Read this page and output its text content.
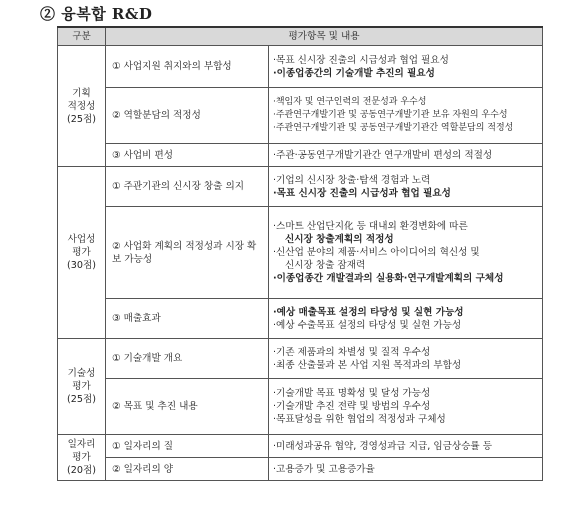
② 융복합 R&D
구분	평가항목 및 내용	

기획
적정성
(25점)	① 사업지원 취지와의 부합성	·목표 신시장 진출의 시급성과 협업 필요성
·이종업종간의 기술개발 추진의 필요성

	② 역할분담의 적정성	·책임자 및 연구인력의 전문성과 우수성
·주관연구개발기관 및 공동연구개발기관 보유 자원의 우수성
·주관연구개발기관 및 공동연구개발기관간 역할분담의 적정성

	③ 사업비 편성	·주관·공동연구개발기관간 연구개발비 편성의 적절성

사업성
평가
(30점)	① 주관기관의 신시장 창출 의지	·기업의 신시장 창출·탐색 경험과 노력
·목표 신시장 진출의 시급성과 협업 필요성

	② 사업화 계획의 적정성과 시장 확보 가능성	·스마트 산업단지化 등 대내외 환경변화에 따른
신시장 창출계획의 적정성
·신산업 분야의 제품·서비스 아이디어의 혁신성 및
신시장 창출 잠재력
·이종업종간 개발결과의 실용화·연구개발계획의 구체성

	③ 매출효과	·예상 매출목표 설정의 타당성 및 실현 가능성
·예상 수출목표 설정의 타당성 및 실현 가능성

기술성
평가
(25점)	① 기술개발 개요	·기존 제품과의 차별성 및 질적 우수성
·최종 산출물과 본 사업 지원 목적과의 부합성

	② 목표 및 추진 내용	·기술개발 목표 명확성 및 달성 가능성
·기술개발 추진 전략 및 방법의 우수성
·목표달성을 위한 협업의 적정성과 구체성

일자리
평가
(20점)	① 일자리의 질	·미래성과공유 협약, 경영성과급 지급, 임금상승률 등

	② 일자리의 양	·고용증가 및 고용증가율
